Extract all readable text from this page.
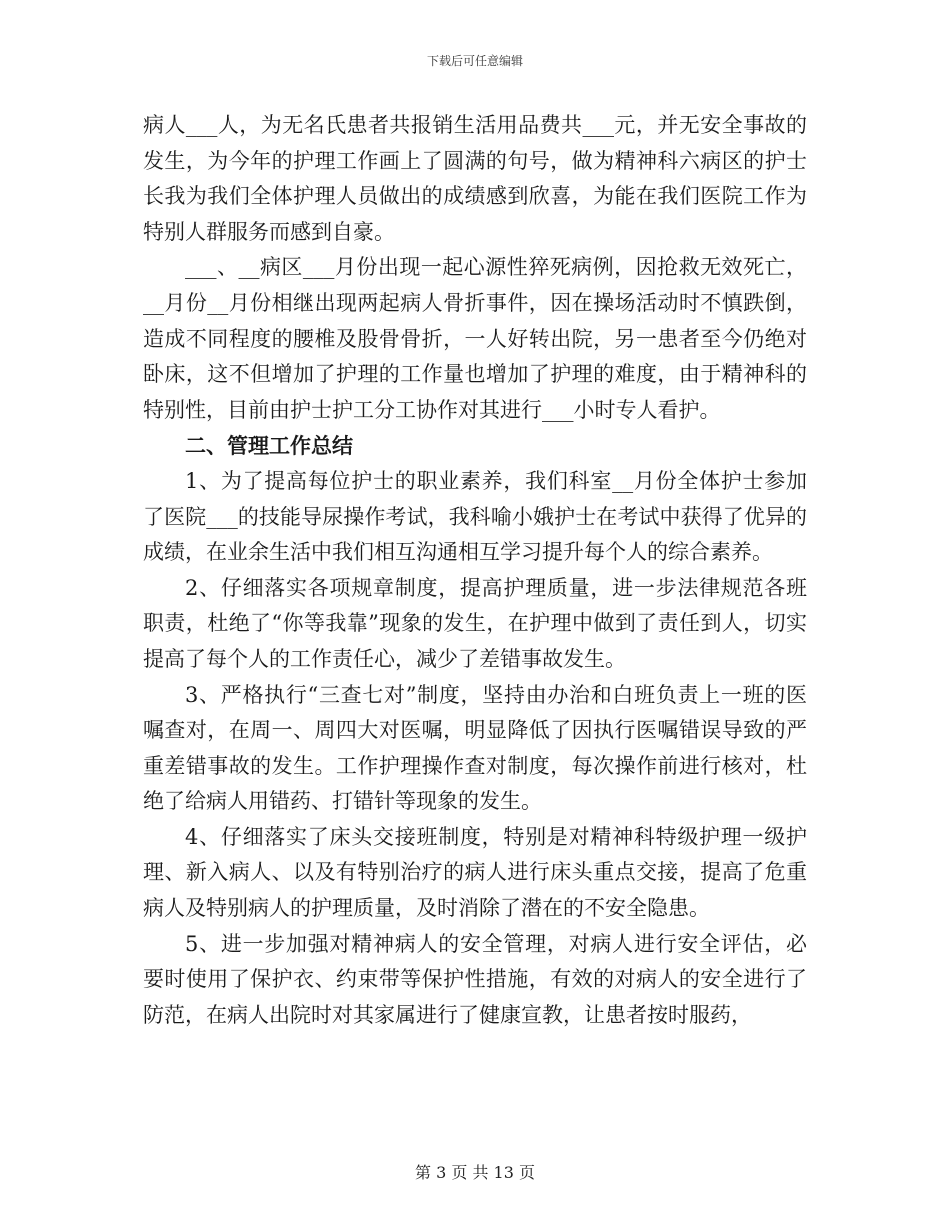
下载后可任意编辑

病人___人，为无名氏患者共报销生活用品费共___元，并无安全事故的发生，为今年的护理工作画上了圆满的句号，做为精神科六病区的护士长我为我们全体护理人员做出的成绩感到欣喜，为能在我们医院工作为特别人群服务而感到自豪。

___、__病区___月份出现一起心源性猝死病例，因抢救无效死亡，__月份__月份相继出现两起病人骨折事件，因在操场活动时不慎跌倒，造成不同程度的腰椎及股骨骨折，一人好转出院，另一患者至今仍绝对卧床，这不但增加了护理的工作量也增加了护理的难度，由于精神科的特别性，目前由护士护工分工协作对其进行___小时专人看护。

二、管理工作总结

1、为了提高每位护士的职业素养，我们科室__月份全体护士参加了医院___的技能导尿操作考试，我科喻小娥护士在考试中获得了优异的成绩，在业余生活中我们相互沟通相互学习提升每个人的综合素养。

2、仔细落实各项规章制度，提高护理质量，进一步法律规范各班职责，杜绝了“你等我靠”现象的发生，在护理中做到了责任到人，切实提高了每个人的工作责任心，减少了差错事故发生。

3、严格执行“三查七对”制度，坚持由办治和白班负责上一班的医嘱查对，在周一、周四大对医嘱，明显降低了因执行医嘱错误导致的严重差错事故的发生。工作护理操作查对制度，每次操作前进行核对，杜绝了给病人用错药、打错针等现象的发生。

4、仔细落实了床头交接班制度，特别是对精神科特级护理一级护理、新入病人、以及有特别治疗的病人进行床头重点交接，提高了危重病人及特别病人的护理质量，及时消除了潜在的不安全隐患。

5、进一步加强对精神病人的安全管理，对病人进行安全评估，必要时使用了保护衣、约束带等保护性措施，有效的对病人的安全进行了防范，在病人出院时对其家属进行了健康宣教，让患者按时服药，

第 3 页 共 13 页
